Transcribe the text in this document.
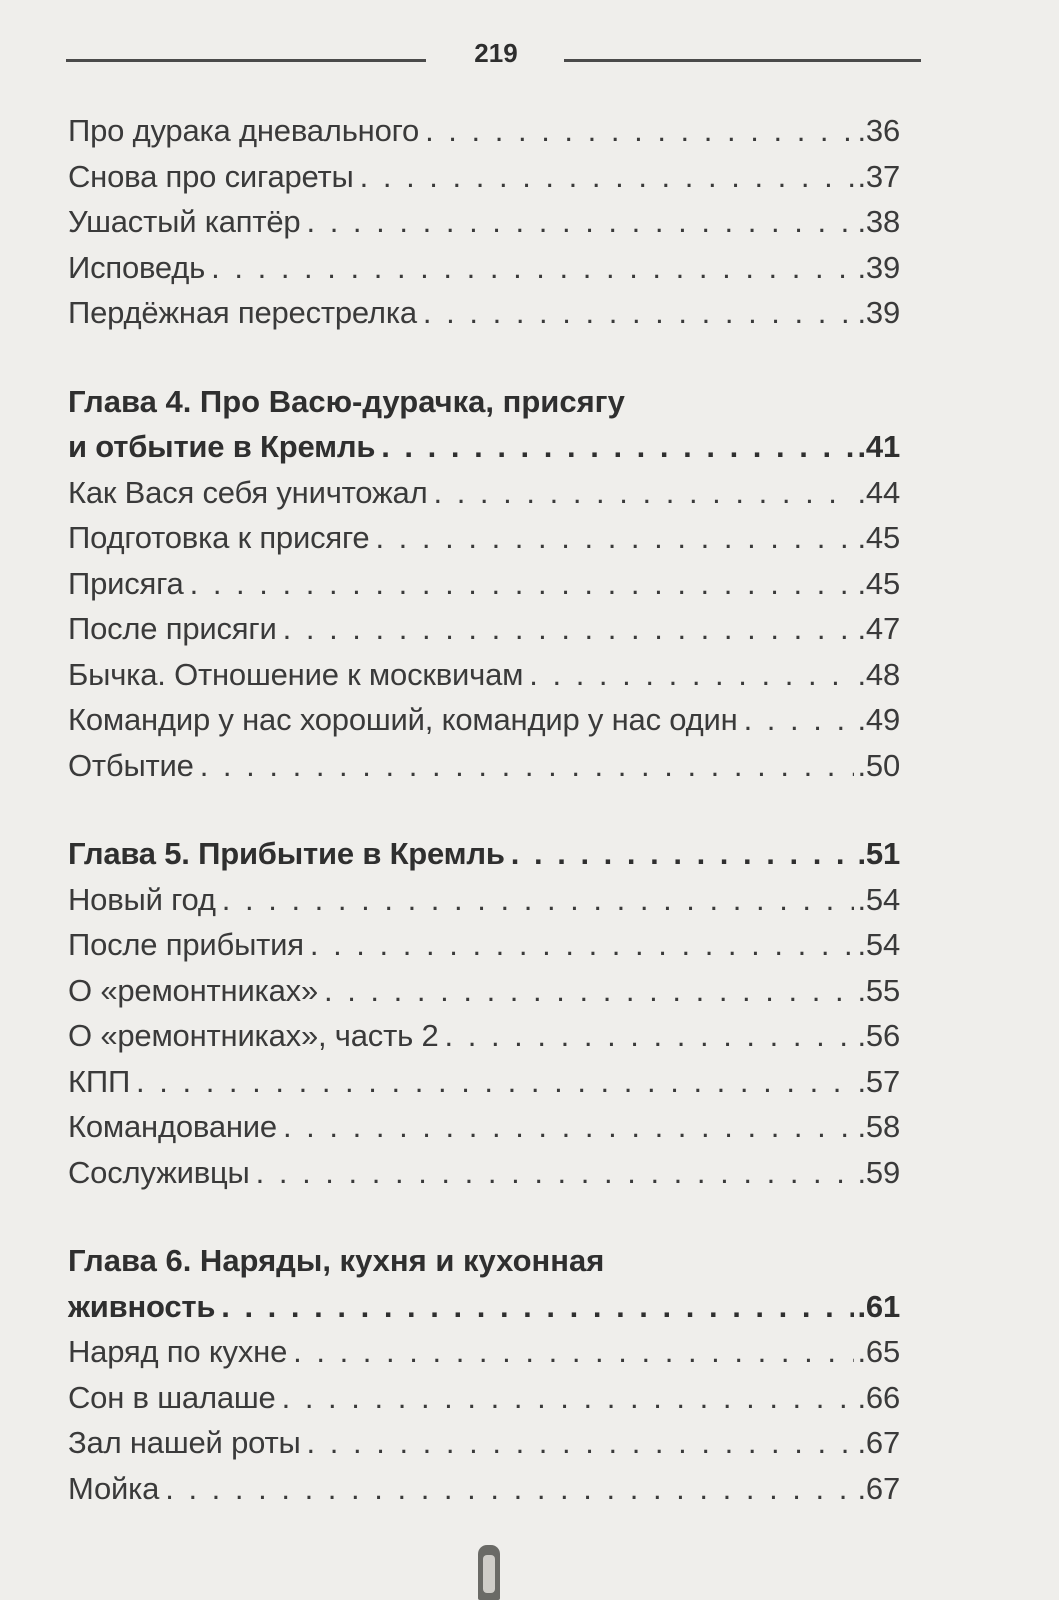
219
Про дурака дневального . . .	.36
Снова про сигареты . . .	.37
Ушастый каптёр . . .	.38
Исповедь . . .	.39
Пердёжная перестрелка . . .	.39
Глава 4. Про Васю-дурачка, присягу
и отбытие в Кремль . . .	.41
Как Вася себя уничтожал . . .	.44
Подготовка к присяге . . .	.45
Присяга . . .	.45
После присяги . . .	.47
Бычка. Отношение к москвичам . . .	.48
Командир у нас хороший, командир у нас один . . .	.49
Отбытие . . .	.50
Глава 5. Прибытие в Кремль . . .	.51
Новый год . . .	.54
После прибытия . . .	.54
О «ремонтниках» . . .	.55
О «ремонтниках», часть 2 . . .	.56
КПП . . .	.57
Командование . . .	.58
Сослуживцы . . .	.59
Глава 6. Наряды, кухня и кухонная
живность . . .	.61
Наряд по кухне . . .	.65
Сон в шалаше . . .	.66
Зал нашей роты . . .	.67
Мойка . . .	.67
